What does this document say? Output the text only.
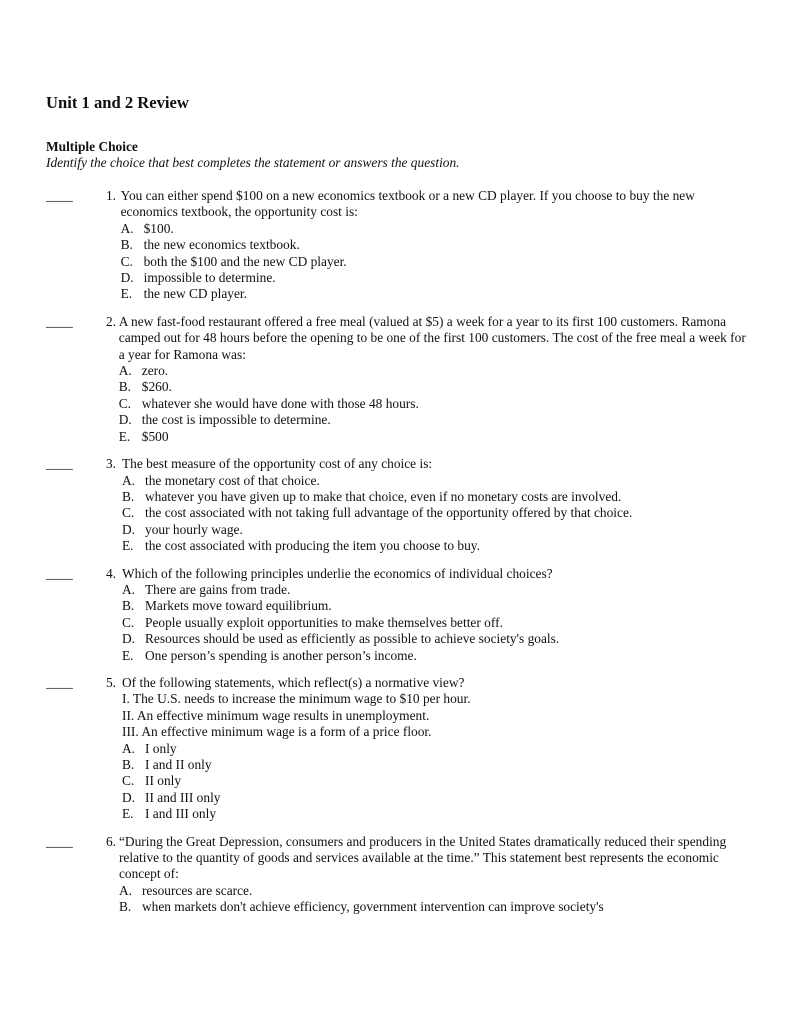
Unit 1 and 2 Review
Multiple Choice
Identify the choice that best completes the statement or answers the question.
____	1. You can either spend $100 on a new economics textbook or a new CD player. If you choose to buy the new economics textbook, the opportunity cost is:
A. $100.
B. the new economics textbook.
C. both the $100 and the new CD player.
D. impossible to determine.
E. the new CD player.
____	2. A new fast-food restaurant offered a free meal (valued at $5) a week for a year to its first 100 customers. Ramona camped out for 48 hours before the opening to be one of the first 100 customers. The cost of the free meal a week for a year for Ramona was:
A. zero.
B. $260.
C. whatever she would have done with those 48 hours.
D. the cost is impossible to determine.
E. $500
____	3. The best measure of the opportunity cost of any choice is:
A. the monetary cost of that choice.
B. whatever you have given up to make that choice, even if no monetary costs are involved.
C. the cost associated with not taking full advantage of the opportunity offered by that choice.
D. your hourly wage.
E. the cost associated with producing the item you choose to buy.
____	4. Which of the following principles underlie the economics of individual choices?
A. There are gains from trade.
B. Markets move toward equilibrium.
C. People usually exploit opportunities to make themselves better off.
D. Resources should be used as efficiently as possible to achieve society's goals.
E. One person’s spending is another person’s income.
____	5. Of the following statements, which reflect(s) a normative view?
I. The U.S. needs to increase the minimum wage to $10 per hour.
II. An effective minimum wage results in unemployment.
III. An effective minimum wage is a form of a price floor.
A. I only
B. I and II only
C. II only
D. II and III only
E. I and III only
____	6. “During the Great Depression, consumers and producers in the United States dramatically reduced their spending relative to the quantity of goods and services available at the time.” This statement best represents the economic concept of:
A. resources are scarce.
B. when markets don't achieve efficiency, government intervention can improve society's
